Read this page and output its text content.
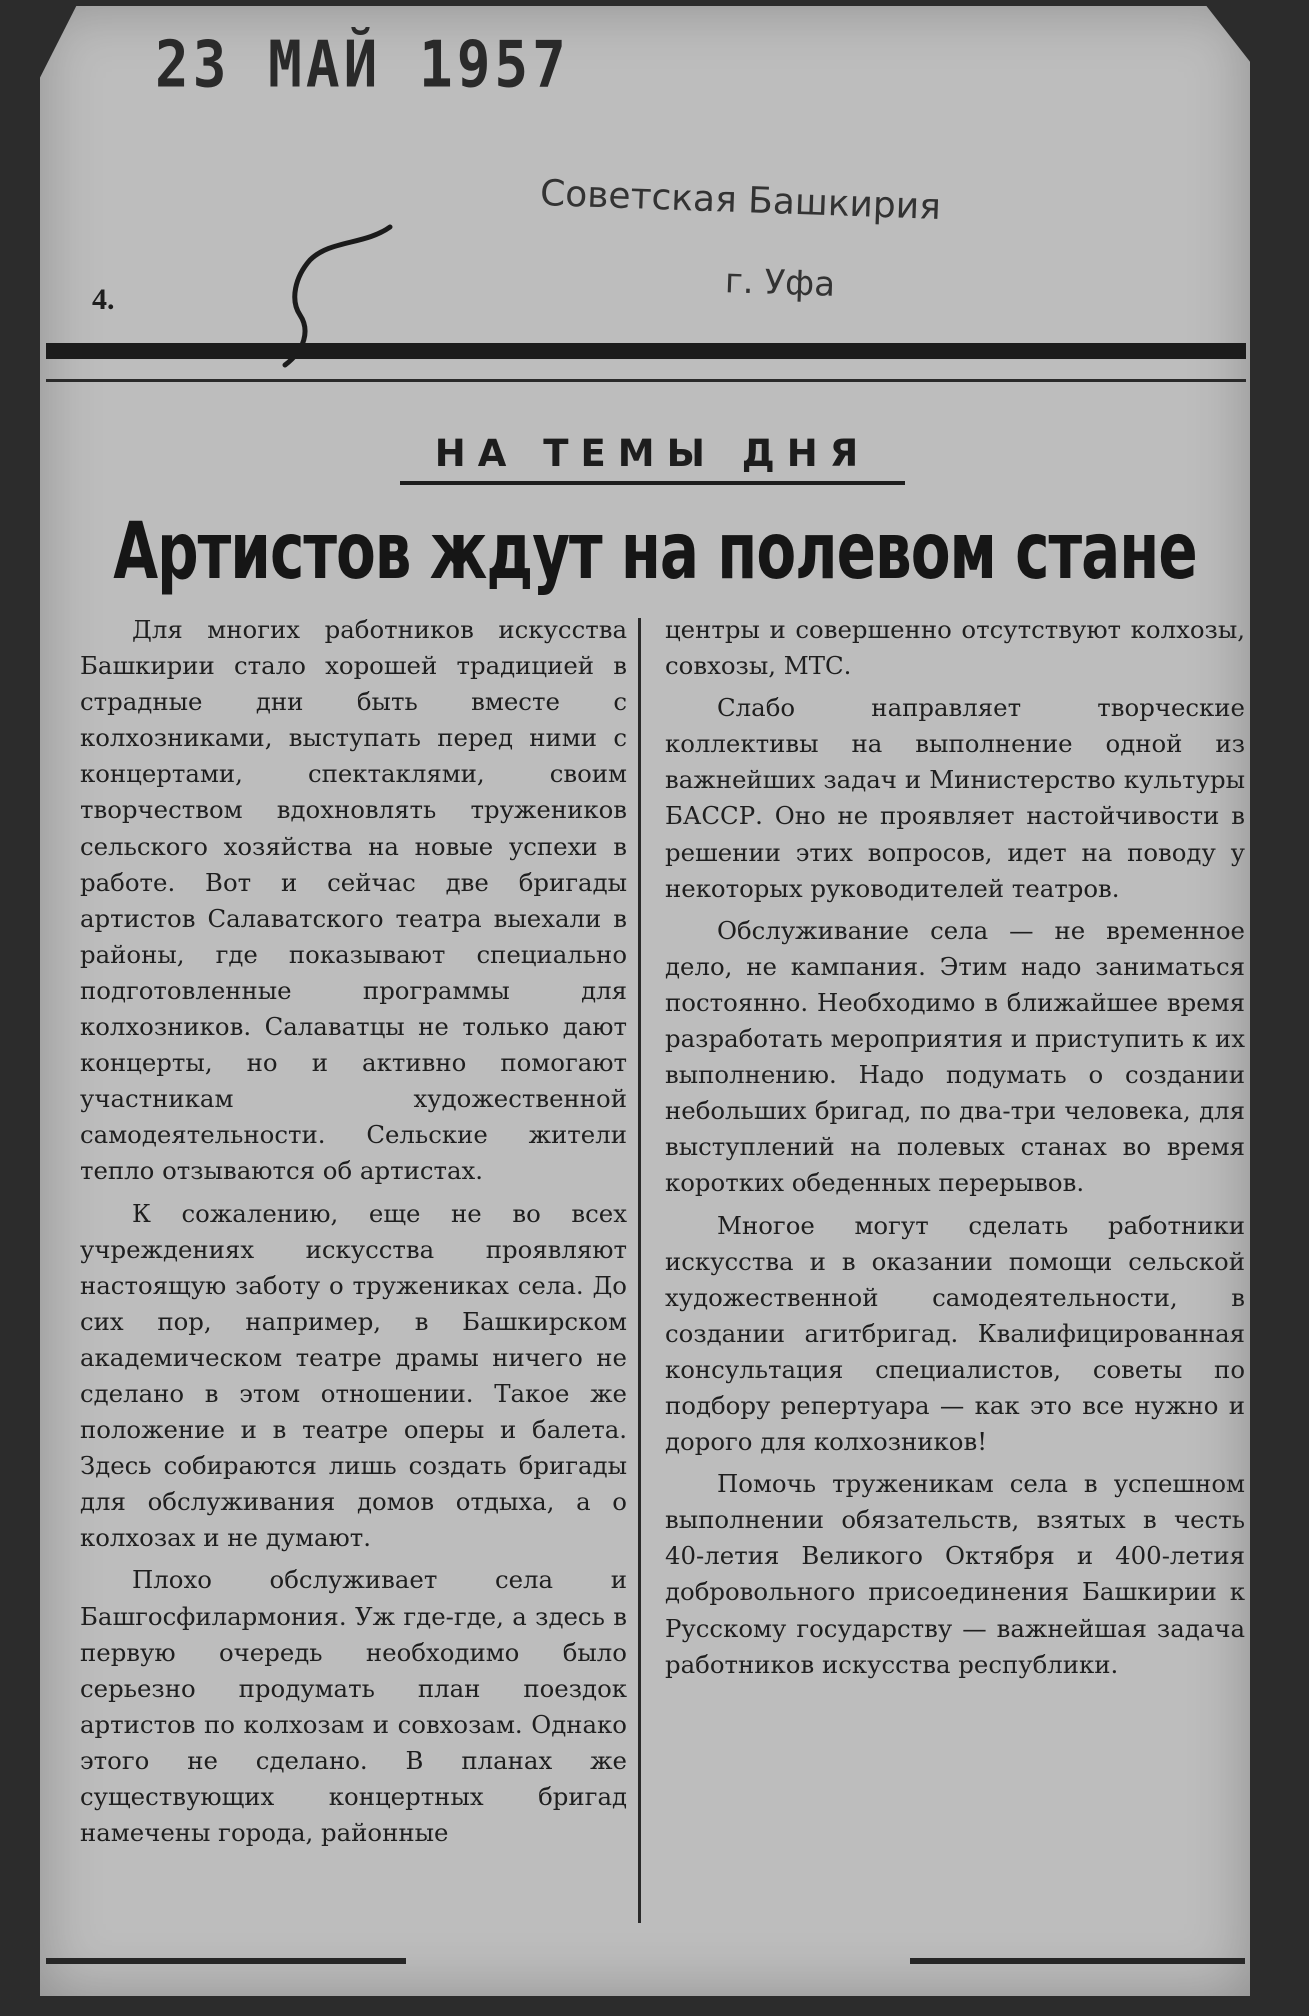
23 МАЙ 1957
Советская Башкирия
г. Уфа
4.
НА ТЕМЫ ДНЯ
Артистов ждут на полевом стане

Для многих работников искусства Башкирии стало хорошей традицией в страдные дни быть вместе с колхозниками, выступать перед ними с концертами, спектаклями, своим творчеством вдохновлять тружеников сельского хозяйства на новые успехи в работе. Вот и сейчас две бригады артистов Салаватского театра выехали в районы, где показывают специально подготовленные программы для колхозников. Салаватцы не только дают концерты, но и активно помогают участникам художественной самодеятельности. Сельские жители тепло отзываются об артистах.

К сожалению, еще не во всех учреждениях искусства проявляют настоящую заботу о тружениках села. До сих пор, например, в Башкирском академическом театре драмы ничего не сделано в этом отношении. Такое же положение и в театре оперы и балета. Здесь собираются лишь создать бригады для обслуживания домов отдыха, а о колхозах и не думают.

Плохо обслуживает села и Башгосфилармония. Уж где-где, а здесь в первую очередь необходимо было серьезно продумать план поездок артистов по колхозам и совхозам. Однако этого не сделано. В планах же существующих концертных бригад намечены города, районные

центры и совершенно отсутствуют колхозы, совхозы, МТС.

Слабо направляет творческие коллективы на выполнение одной из важнейших задач и Министерство культуры БАССР. Оно не проявляет настойчивости в решении этих вопросов, идет на поводу у некоторых руководителей театров.

Обслуживание села — не временное дело, не кампания. Этим надо заниматься постоянно. Необходимо в ближайшее время разработать мероприятия и приступить к их выполнению. Надо подумать о создании небольших бригад, по два-три человека, для выступлений на полевых станах во время коротких обеденных перерывов.

Многое могут сделать работники искусства и в оказании помощи сельской художественной самодеятельности, в создании агитбригад. Квалифицированная консультация специалистов, советы по подбору репертуара — как это все нужно и дорого для колхозников!

Помочь труженикам села в успешном выполнении обязательств, взятых в честь 40-летия Великого Октября и 400-летия добровольного присоединения Башкирии к Русскому государству — важнейшая задача работников искусства республики.
